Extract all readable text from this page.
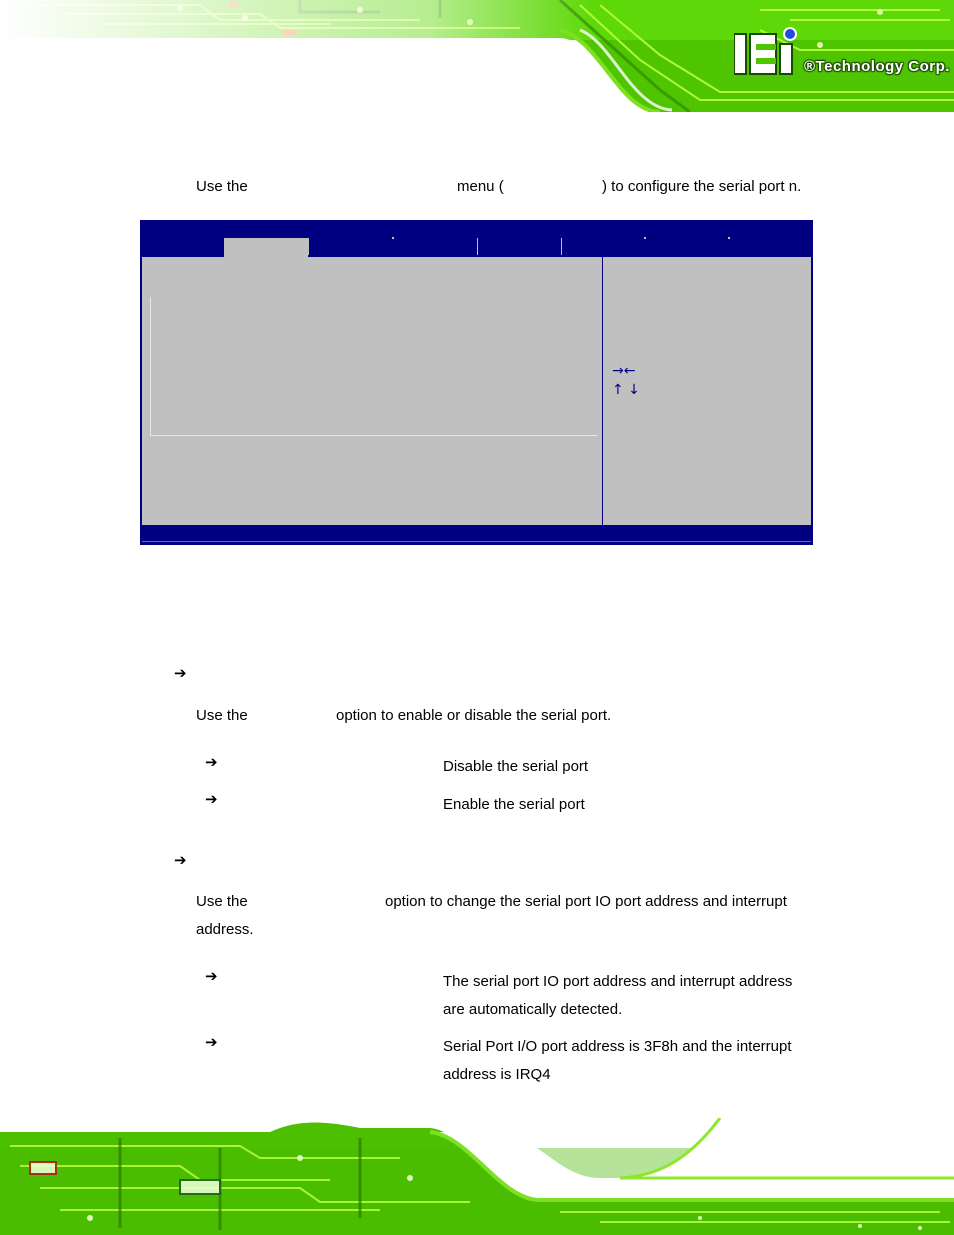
®Technology Corp.
Use the	menu (	) to configure the serial port n.
→←
↑ ↓
➔
Use the	option to enable or disable the serial port.
➔	Disable the serial port
➔	Enable the serial port
➔
Use the	option to change the serial port IO port address and interrupt
address.
➔	The serial port IO port address and interrupt address
are automatically detected.
➔	Serial Port I/O port address is 3F8h and the interrupt
address is IRQ4
